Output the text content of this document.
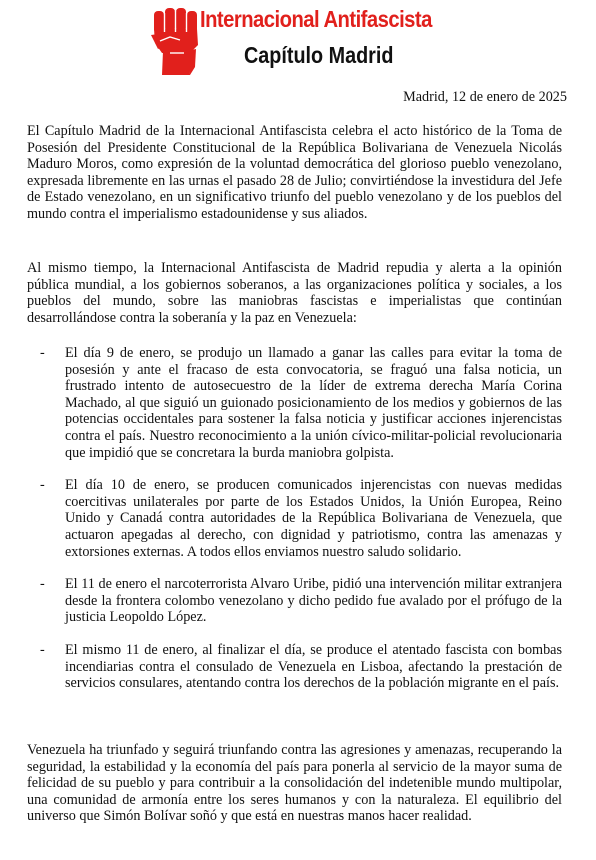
Internacional Antifascista
Capítulo Madrid
Madrid, 12 de enero de 2025
El Capítulo Madrid de la Internacional Antifascista celebra el acto histórico de la Toma de Posesión del Presidente Constitucional de la República Bolivariana de Venezuela Nicolás Maduro Moros, como expresión de la voluntad democrática del glorioso pueblo venezolano, expresada libremente en las urnas el pasado 28 de Julio; convirtiéndose la investidura del Jefe de Estado venezolano, en un significativo triunfo del pueblo venezolano y de los pueblos del mundo contra el imperialismo estadounidense y sus aliados.
Al mismo tiempo, la Internacional Antifascista de Madrid repudia y alerta a la opinión pública mundial, a los gobiernos soberanos, a las organizaciones política y sociales, a los pueblos del mundo, sobre las maniobras fascistas e imperialistas que continúan desarrollándose contra la soberanía y la paz en Venezuela:
- El día 9 de enero, se produjo un llamado a ganar las calles para evitar la toma de posesión y ante el fracaso de esta convocatoria, se fraguó una falsa noticia, un frustrado intento de autosecuestro de la líder de extrema derecha María Corina Machado, al que siguió un guionado posicionamiento de los medios y gobiernos de las potencias occidentales para sostener la falsa noticia y justificar acciones injerencistas contra el país. Nuestro reconocimiento a la unión cívico-militar-policial revolucionaria que impidió que se concretara la burda maniobra golpista.
- El día 10 de enero, se producen comunicados injerencistas con nuevas medidas coercitivas unilaterales por parte de los Estados Unidos, la Unión Europea, Reino Unido y Canadá contra autoridades de la República Bolivariana de Venezuela, que actuaron apegadas al derecho, con dignidad y patriotismo, contra las amenazas y extorsiones externas. A todos ellos enviamos nuestro saludo solidario.
- El 11 de enero el narcoterrorista Alvaro Uribe, pidió una intervención militar extranjera desde la frontera colombo venezolano y dicho pedido fue avalado por el prófugo de la justicia Leopoldo López.
- El mismo 11 de enero, al finalizar el día, se produce el atentado fascista con bombas incendiarias contra el consulado de Venezuela en Lisboa, afectando la prestación de servicios consulares, atentando contra los derechos de la población migrante en el país.
Venezuela ha triunfado y seguirá triunfando contra las agresiones y amenazas, recuperando la seguridad, la estabilidad y la economía del país para ponerla al servicio de la mayor suma de felicidad de su pueblo y para contribuir a la consolidación del indetenible mundo multipolar, una comunidad de armonía entre los seres humanos y con la naturaleza. El equilibrio del universo que Simón Bolívar soñó y que está en nuestras manos hacer realidad.
